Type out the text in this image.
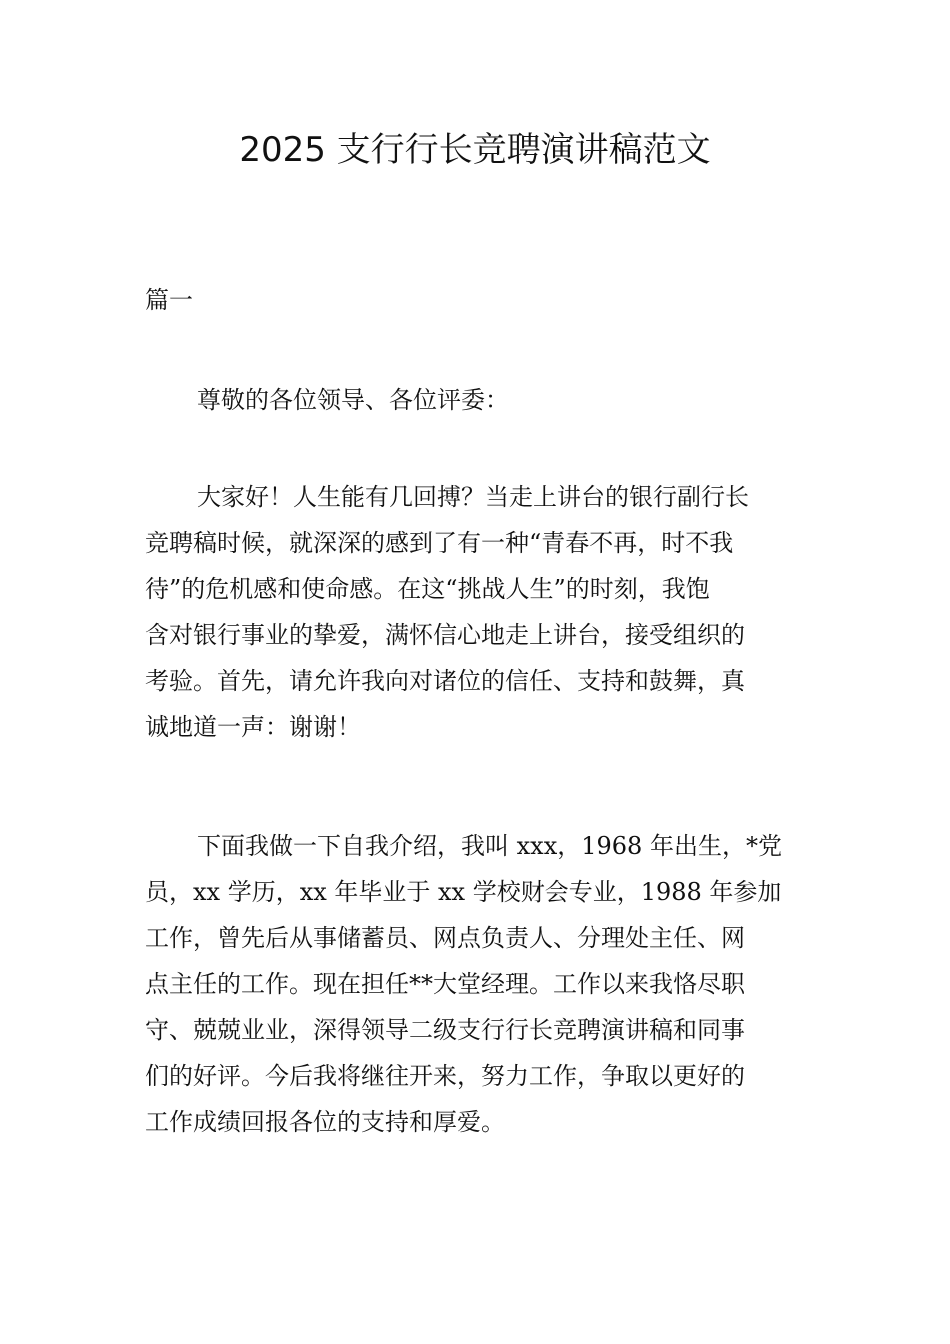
2025 支行行长竞聘演讲稿范文

篇一

尊敬的各位领导、各位评委：

大家好！人生能有几回搏？当走上讲台的银行副行长
竞聘稿时候，就深深的感到了有一种“青春不再，时不我
待”的危机感和使命感。在这“挑战人生”的时刻，我饱
含对银行事业的挚爱，满怀信心地走上讲台，接受组织的
考验。首先，请允许我向对诸位的信任、支持和鼓舞，真
诚地道一声：谢谢！

下面我做一下自我介绍，我叫 xxx，1968 年出生，*党
员，xx 学历，xx 年毕业于 xx 学校财会专业，1988 年参加
工作，曾先后从事储蓄员、网点负责人、分理处主任、网
点主任的工作。现在担任**大堂经理。工作以来我恪尽职
守、兢兢业业，深得领导二级支行行长竞聘演讲稿和同事
们的好评。今后我将继往开来，努力工作，争取以更好的
工作成绩回报各位的支持和厚爱。
